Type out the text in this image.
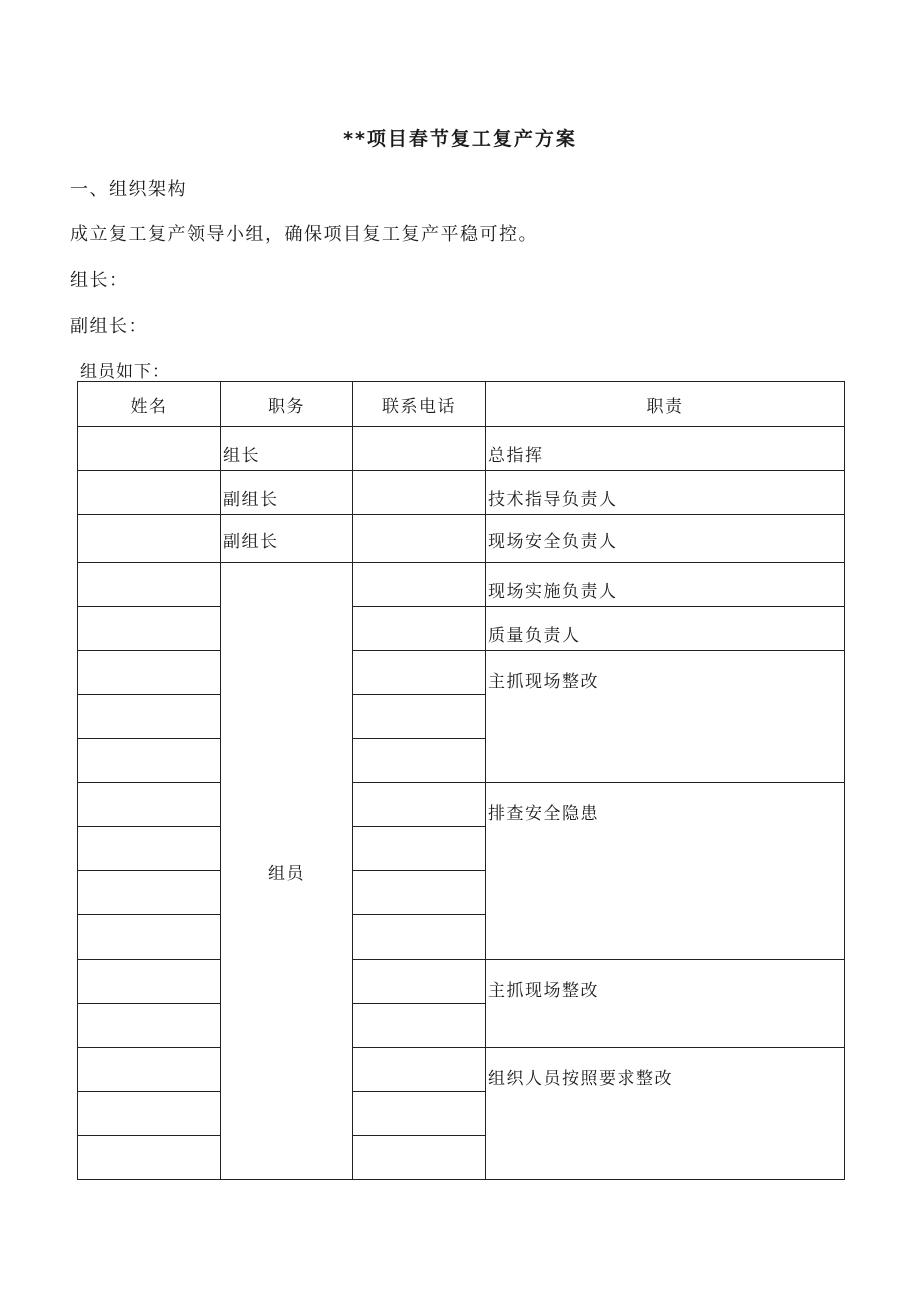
**项目春节复工复产方案
一、组织架构
成立复工复产领导小组，确保项目复工复产平稳可控。
组长：
副组长：
组员如下：
姓名	职务	联系电话	职责
	组长		总指挥
	副组长		技术指导负责人
	副组长		现场安全负责人
	组员		现场实施负责人
			质量负责人
			主抓现场整改

			排查安全隐患

			主抓现场整改

			组织人员按照要求整改
